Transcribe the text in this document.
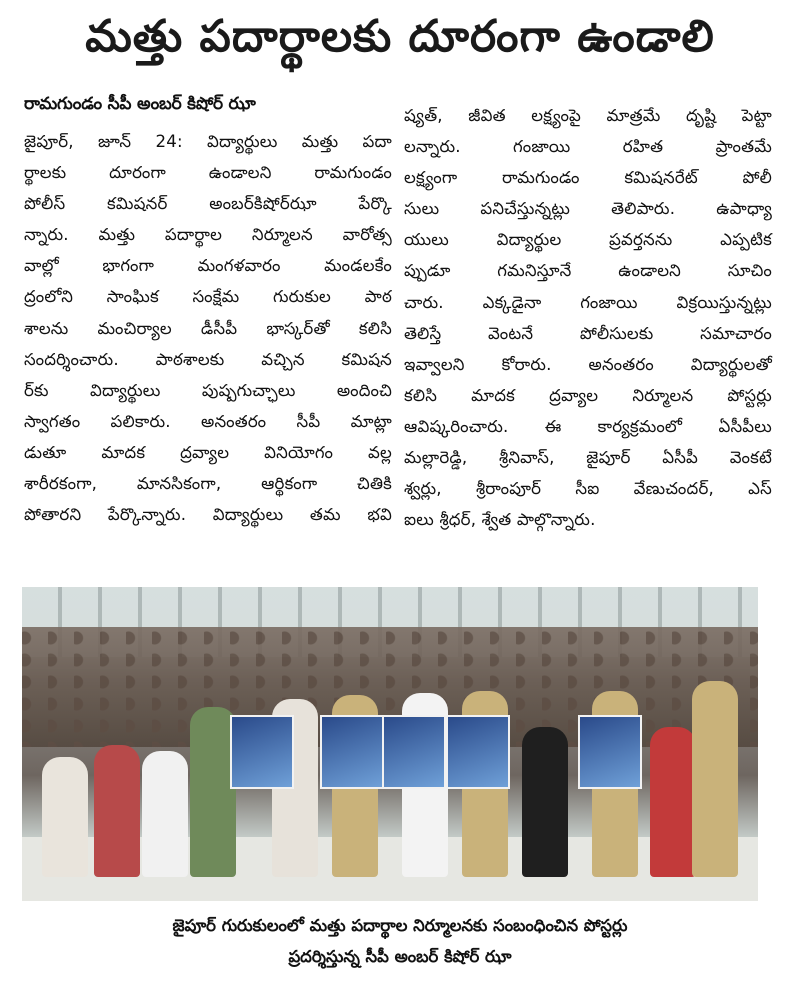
మత్తు పదార్థాలకు దూరంగా ఉండాలి
రామగుండం సీపీ అంబర్ కిషోర్ ఝా

జైపూర్, జూన్ 24: విద్యార్థులు మత్తు పదా

ర్థాలకు దూరంగా ఉండాలని రామగుండం

పోలీస్ కమిషనర్ అంబర్‌కిషోర్‌ఝా పేర్కొ

న్నారు. మత్తు పదార్థాల నిర్మూలన వారోత్స

వాల్లో భాగంగా మంగళవారం మండలకేం

ద్రంలోని సాంఘిక సంక్షేమ గురుకుల పాఠ

శాలను మంచిర్యాల డీసీపీ భాస్కర్‌తో కలిసి

సందర్శించారు. పాఠశాలకు వచ్చిన కమిషన

ర్‌కు విద్యార్థులు పుష్పగుచ్ఛాలు అందించి

స్వాగతం పలికారు. అనంతరం సీపీ మాట్లా

డుతూ మాదక ద్రవ్యాల వినియోగం వల్ల

శారీరకంగా, మానసికంగా, ఆర్థికంగా చితికి

పోతారని పేర్కొన్నారు. విద్యార్థులు తమ భవి

ష్యత్, జీవిత లక్ష్యంపై మాత్రమే దృష్టి పెట్టా

లన్నారు. గంజాయి రహిత ప్రాంతమే

లక్ష్యంగా రామగుండం కమిషనరేట్ పోలీ

సులు పనిచేస్తున్నట్లు తెలిపారు. ఉపాధ్యా

యులు విద్యార్థుల ప్రవర్తనను ఎప్పటిక

ప్పుడూ గమనిస్తూనే ఉండాలని సూచిం

చారు. ఎక్కడైనా గంజాయి విక్రయిస్తున్నట్లు

తెలిస్తే వెంటనే పోలీసులకు సమాచారం

ఇవ్వాలని కోరారు. అనంతరం విద్యార్థులతో

కలిసి మాదక ద్రవ్యాల నిర్మూలన పోస్టర్లు

ఆవిష్కరించారు. ఈ కార్యక్రమంలో ఏసీపీలు

మల్లారెడ్డి, శ్రీనివాస్, జైపూర్ ఏసీపీ వెంకటే

శ్వర్లు, శ్రీరాంపూర్ సీఐ వేణుచందర్, ఎస్

ఐలు శ్రీధర్, శ్వేత పాల్గొన్నారు.

జైపూర్ గురుకులంలో మత్తు పదార్థాల నిర్మూలనకు సంబంధించిన పోస్టర్లు

ప్రదర్శిస్తున్న సీపీ అంబర్ కిషోర్ ఝా
